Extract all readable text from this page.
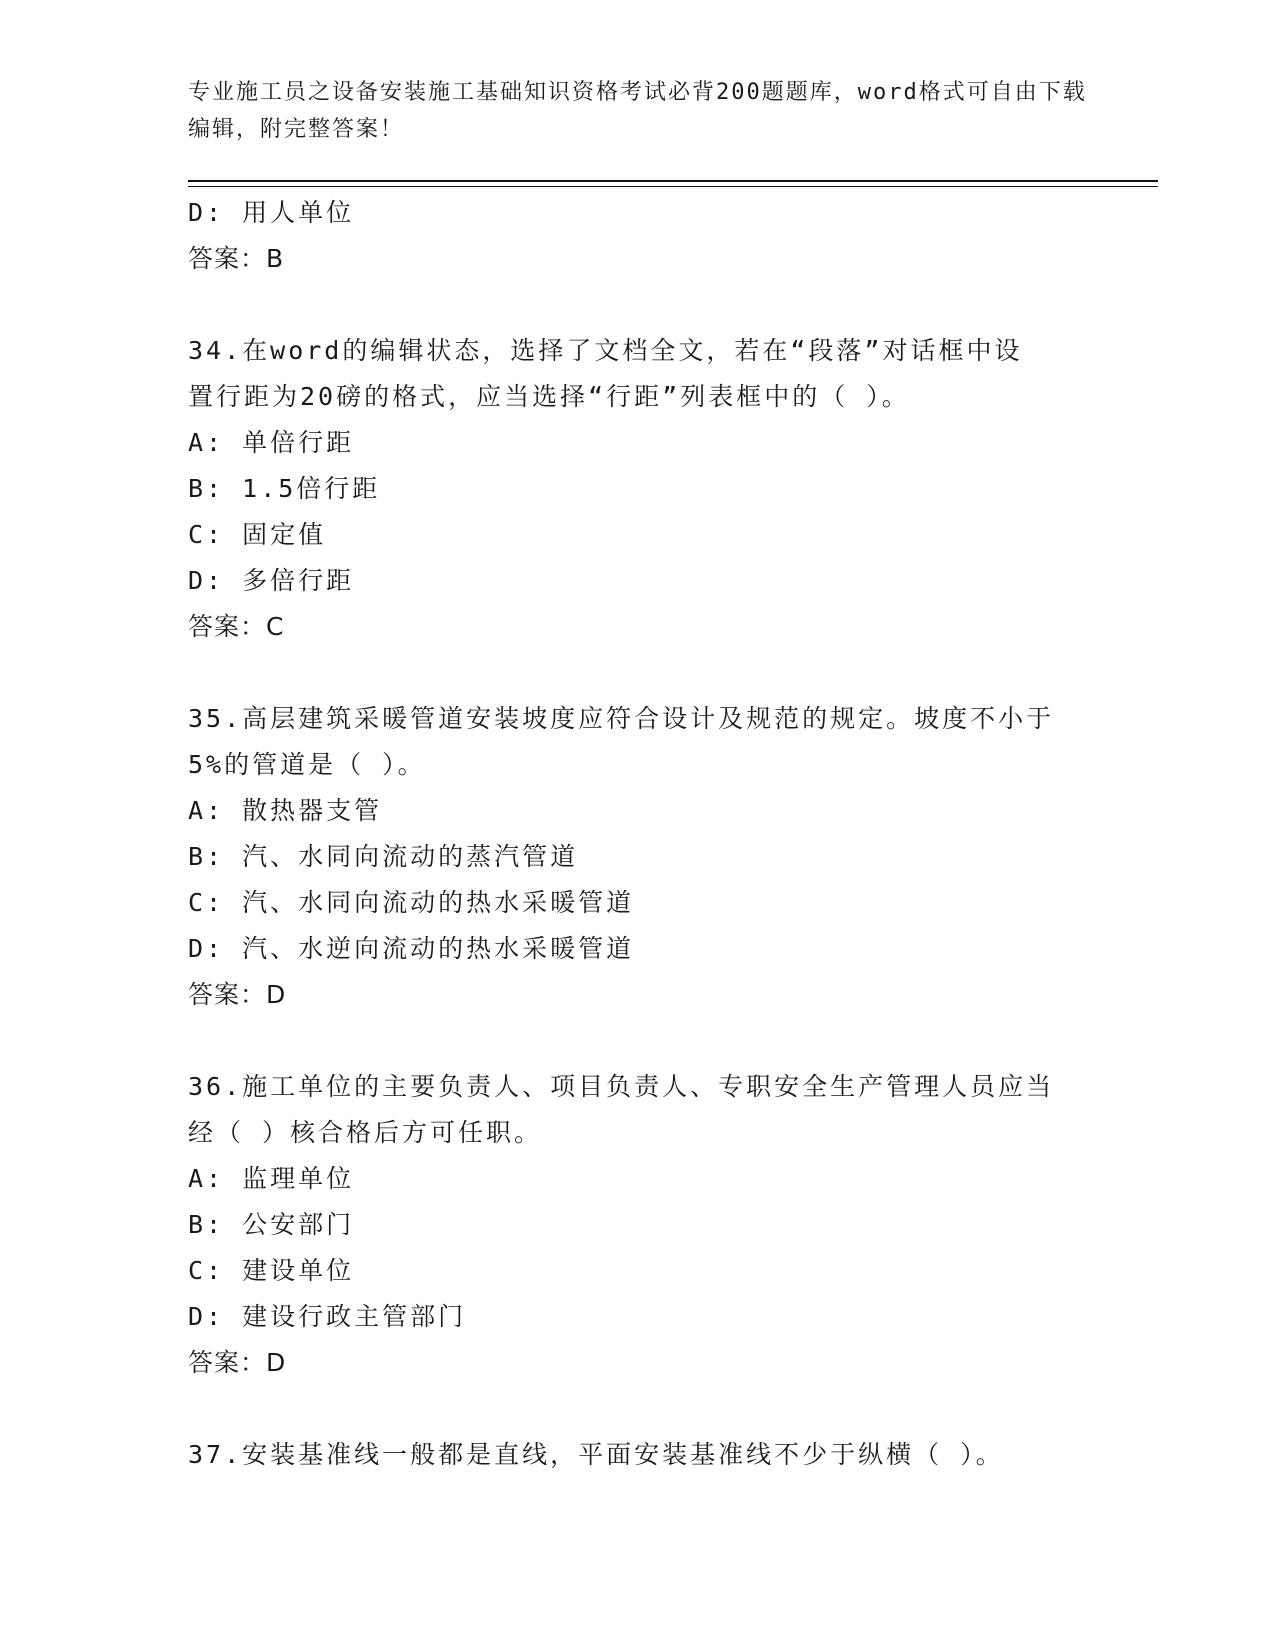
专业施工员之设备安装施工基础知识资格考试必背200题题库，word格式可自由下载编辑，附完整答案！
D: 用人单位
答案：B
34.在word的编辑状态，选择了文档全文，若在“段落”对话框中设
置行距为20磅的格式，应当选择“行距”列表框中的（ ）。
A: 单倍行距
B: 1.5倍行距
C: 固定值
D: 多倍行距
答案：C
35.高层建筑采暖管道安装坡度应符合设计及规范的规定。坡度不小于
5%的管道是（ ）。
A: 散热器支管
B: 汽、水同向流动的蒸汽管道
C: 汽、水同向流动的热水采暖管道
D: 汽、水逆向流动的热水采暖管道
答案：D
36.施工单位的主要负责人、项目负责人、专职安全生产管理人员应当
经（ ）核合格后方可任职。
A: 监理单位
B: 公安部门
C: 建设单位
D: 建设行政主管部门
答案：D
37.安装基准线一般都是直线，平面安装基准线不少于纵横（ ）。
